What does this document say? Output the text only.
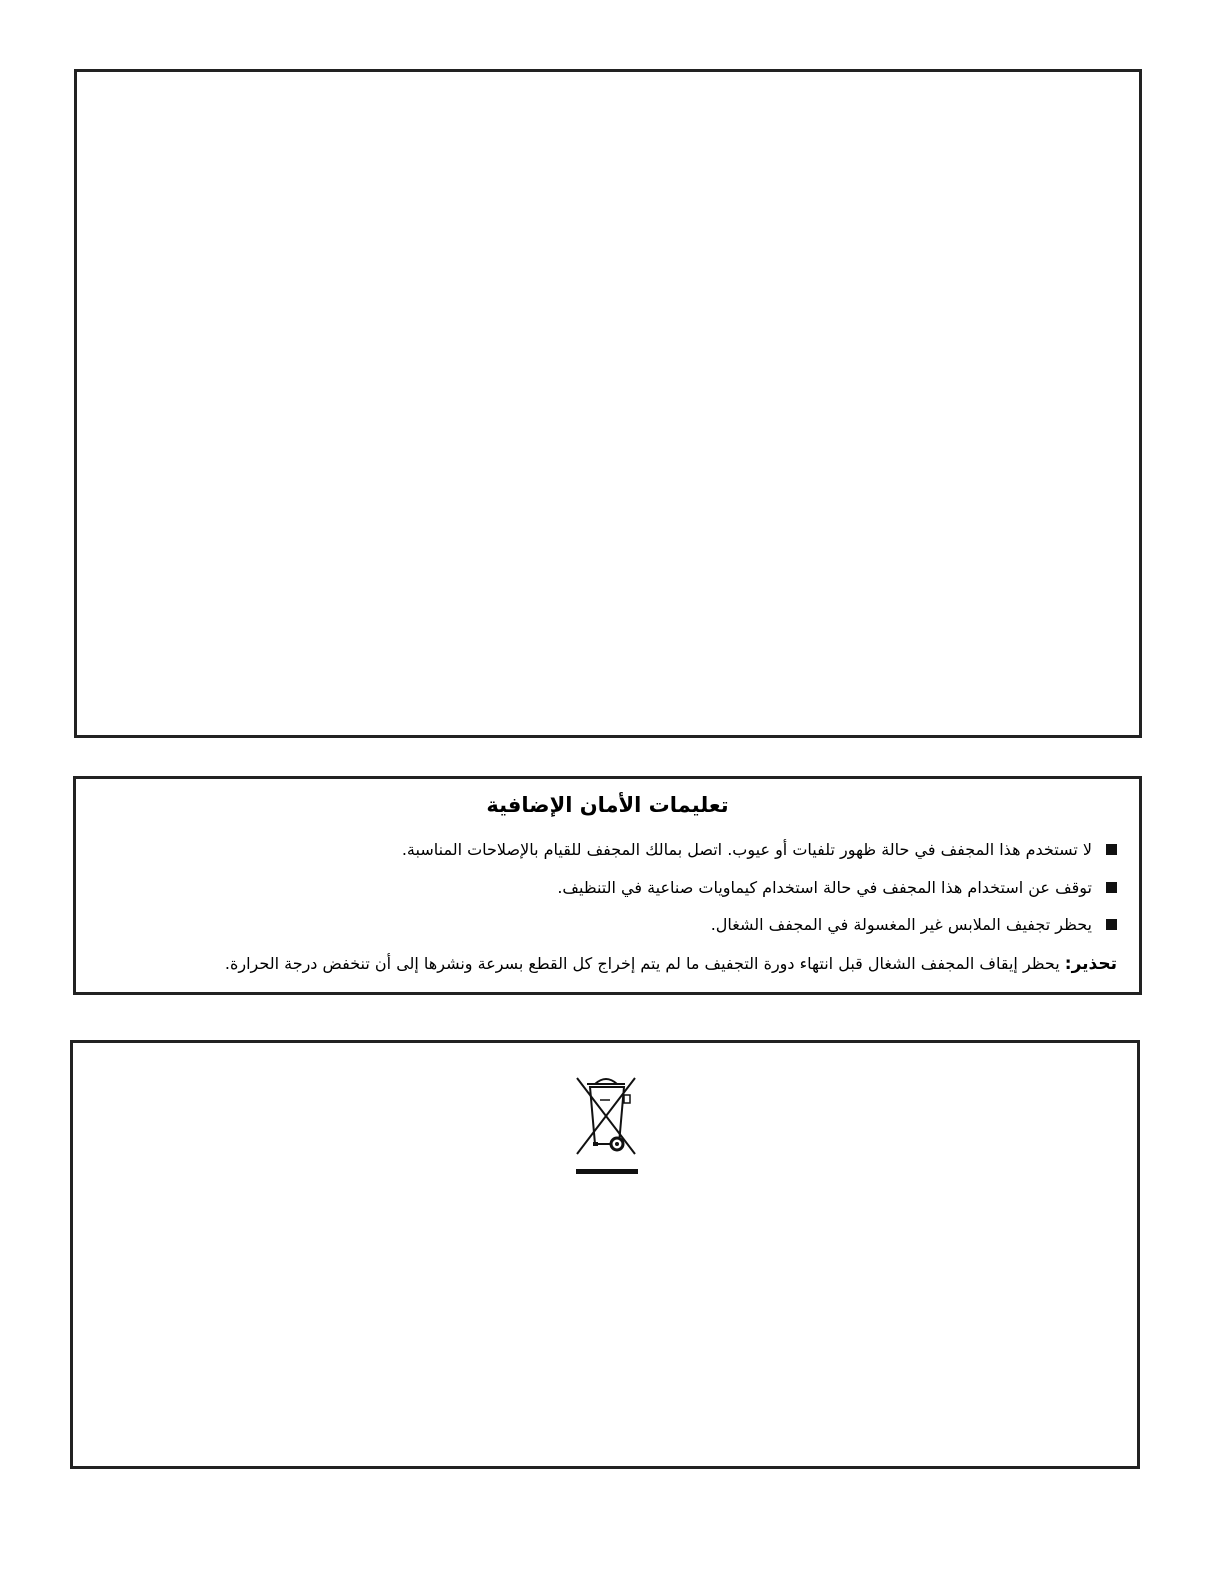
تعليمات الأمان الإضافية
لا تستخدم هذا المجفف في حالة ظهور تلفيات أو عيوب. اتصل بمالك المجفف للقيام بالإصلاحات المناسبة.
توقف عن استخدام هذا المجفف في حالة استخدام كيماويات صناعية في التنظيف.
يحظر تجفيف الملابس غير المغسولة في المجفف الشغال.
تحذير: يحظر إيقاف المجفف الشغال قبل انتهاء دورة التجفيف ما لم يتم إخراج كل القطع بسرعة ونشرها إلى أن تنخفض درجة الحرارة.
